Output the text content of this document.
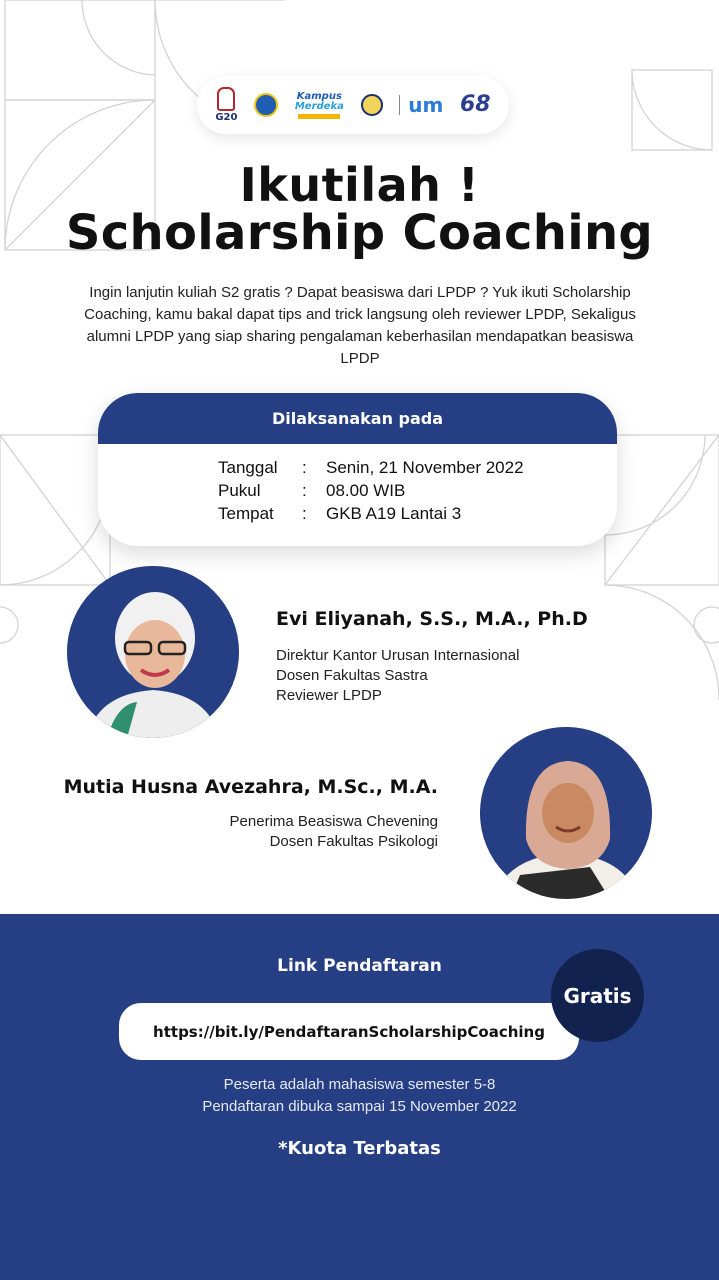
G20
Kampus
Merdeka	um 68
Ikutilah !
Scholarship Coaching

Ingin lanjutin kuliah S2 gratis ? Dapat beasiswa dari LPDP ? Yuk ikuti Scholarship Coaching, kamu bakal dapat tips and trick langsung oleh reviewer LPDP, Sekaligus alumni LPDP yang siap sharing pengalaman keberhasilan mendapatkan beasiswa LPDP

Dilaksanakan pada
Tanggal : Senin, 21 November 2022
Pukul : 08.00 WIB
Tempat : GKB A19 Lantai 3
Evi Eliyanah, S.S., M.A., Ph.D
Direktur Kantor Urusan Internasional
Dosen Fakultas Sastra
Reviewer LPDP
Mutia Husna Avezahra, M.Sc., M.A.
Penerima Beasiswa Chevening
Dosen Fakultas Psikologi
Link Pendaftaran
https://bit.ly/PendaftaranScholarshipCoaching
Gratis
Peserta adalah mahasiswa semester 5-8
Pendaftaran dibuka sampai 15 November 2022
*Kuota Terbatas
